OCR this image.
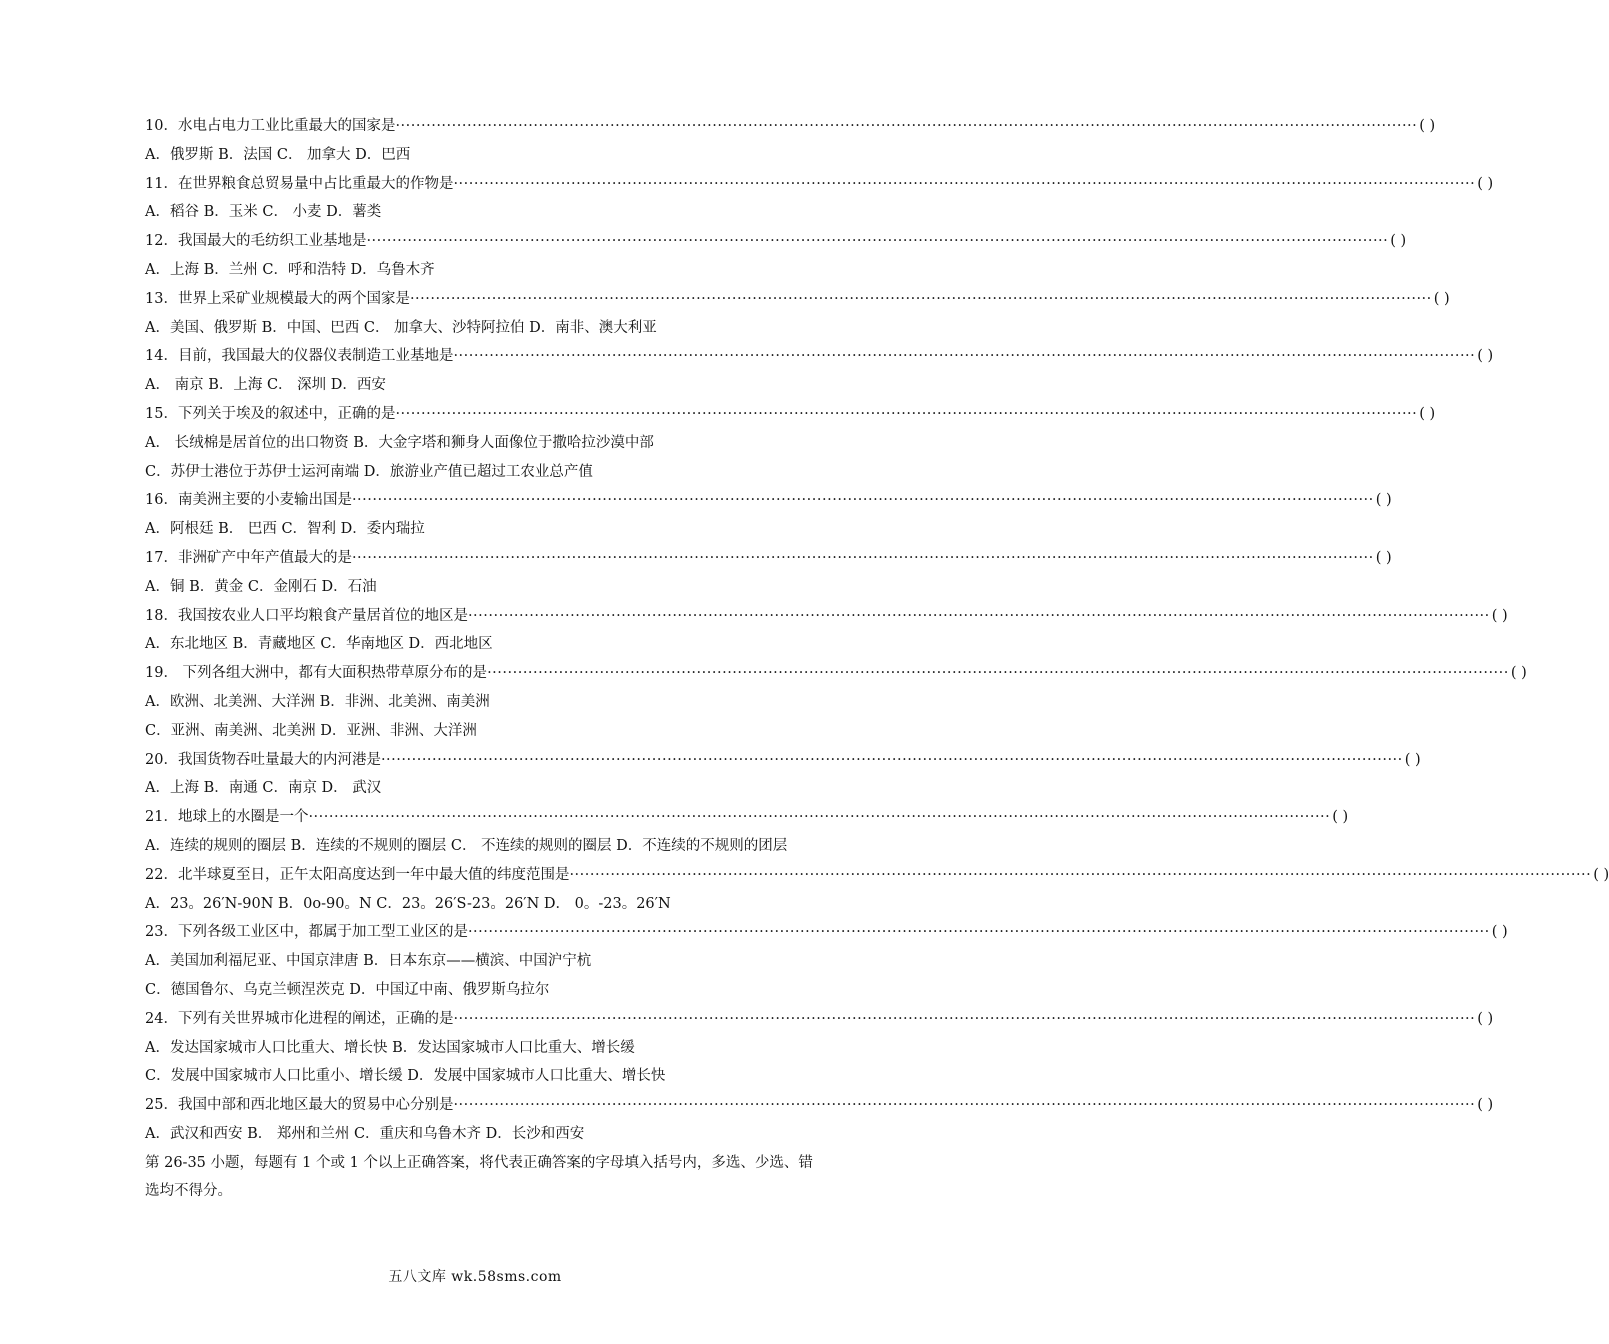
10．水电占电力工业比重最大的国家是 ········································································································································································································ ( )
A．俄罗斯 B．法国 C． 加拿大 D．巴西
11．在世界粮食总贸易量中占比重最大的作物是 ········································································································································································································ ( )
A．稻谷 B．玉米 C． 小麦 D．薯类
12．我国最大的毛纺织工业基地是 ········································································································································································································ ( )
A．上海 B．兰州 C．呼和浩特 D．乌鲁木齐
13．世界上采矿业规模最大的两个国家是 ········································································································································································································ ( )
A．美国、俄罗斯 B．中国、巴西 C． 加拿大、沙特阿拉伯 D．南非、澳大利亚
14．目前，我国最大的仪器仪表制造工业基地是 ········································································································································································································ ( )
A． 南京 B．上海 C． 深圳 D．西安
15．下列关于埃及的叙述中，正确的是 ········································································································································································································ ( )
A． 长绒棉是居首位的出口物资 B．大金字塔和狮身人面像位于撒哈拉沙漠中部
C．苏伊士港位于苏伊士运河南端 D．旅游业产值已超过工农业总产值
16．南美洲主要的小麦输出国是 ········································································································································································································ ( )
A．阿根廷 B． 巴西 C．智利 D．委内瑞拉
17．非洲矿产中年产值最大的是 ········································································································································································································ ( )
A．铜 B．黄金 C．金刚石 D．石油
18．我国按农业人口平均粮食产量居首位的地区是 ········································································································································································································ ( )
A．东北地区 B．青藏地区 C．华南地区 D．西北地区
19． 下列各组大洲中，都有大面积热带草原分布的是 ········································································································································································································ ( )
A．欧洲、北美洲、大洋洲 B．非洲、北美洲、南美洲
C．亚洲、南美洲、北美洲 D．亚洲、非洲、大洋洲
20．我国货物吞吐量最大的内河港是 ········································································································································································································ ( )
A．上海 B．南通 C．南京 D． 武汉
21．地球上的水圈是一个 ········································································································································································································ ( )
A．连续的规则的圈层 B．连续的不规则的圈层 C． 不连续的规则的圈层 D．不连续的不规则的团层
22．北半球夏至日，正午太阳高度达到一年中最大值的纬度范围是 ········································································································································································································ ( )
A．23。26′N-90N B．0o-90。N C．23。26′S-23。26′N D． 0。-23。26′N
23．下列各级工业区中，都属于加工型工业区的是 ········································································································································································································ ( )
A．美国加利福尼亚、中国京津唐 B．日本东京——横滨、中国沪宁杭
C．德国鲁尔、乌克兰顿涅茨克 D．中国辽中南、俄罗斯乌拉尔
24．下列有关世界城市化进程的阐述，正确的是 ········································································································································································································ ( )
A．发达国家城市人口比重大、增长快 B．发达国家城市人口比重大、增长缓
C．发展中国家城市人口比重小、增长缓 D．发展中国家城市人口比重大、增长快
25．我国中部和西北地区最大的贸易中心分别是 ········································································································································································································ ( )
A．武汉和西安 B． 郑州和兰州 C．重庆和乌鲁木齐 D．长沙和西安
第 26-35 小题，每题有 1 个或 1 个以上正确答案，将代表正确答案的字母填入括号内，多选、少选、错选均不得分。
五八文库 wk.58sms.com
